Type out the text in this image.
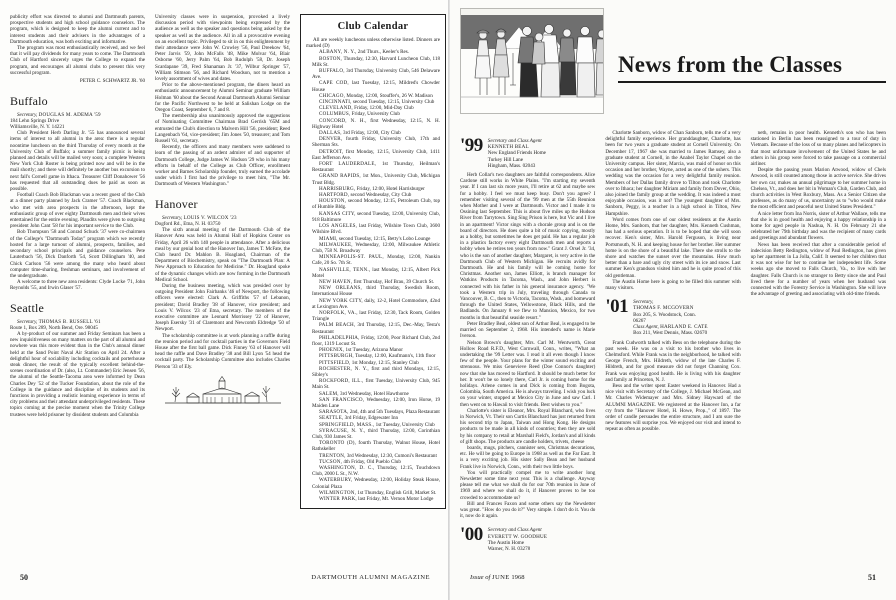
publicity effort was directed to alumni and Dartmouth parents, prospective students and high school guidance counselors. The program, which is designed to keep the alumni current and to interest students and their advisers in the advantages of a Dartmouth education, was both exciting and informative.

The program was most enthusiastically received, and we feel that it will pay dividends for many years to come. The Dartmouth Club of Hartford sincerely urges the College to expand the program, and encourages all alumni clubs to present this very successful program.

PETER C. SCHWARTZ JR. '60
Buffalo

Secretary, DOUGLAS M. ADEMA '59
184 Lehn Springs Drive
Williamsville, N. Y. 14221

Club President Herb Darling Jr. '55 has announced several items of interest to all alumni in the area: there is a regular noontime luncheon on the third Thursday of every month at the University Club of Buffalo; a summer family picnic is being planned and details will be mailed very soon; a complete Western New York Club Roster is being printed now and will be in the mail shortly; and there will definitely be another bus excursion to next fall's Cornell game in Ithaca. Treasurer Cliff Donahower '56 has requested that all outstanding dues be paid as soon as possible.

Football Coach Bob Blackman was a recent guest of the Club at a dinner party planned by Jack Cramer '57. Coach Blackman, who met with area prospects in the afternoon, kept the enthusiastic group of over eighty Dartmouth men and their wives entertained for the entire evening. Plaudits were given to outgoing president John Cant '58 for his important service to the Club.

Bob Thompson '58 and Conrad Schuck '37 were co-chairmen of the College's "Dartmouth Today" program which we recently hosted for a large turnout of alumni, prospects, families, and secondary school principals and guidance counselors. Pete Lauterbach '56, Dick Danforth '54, Scott Dillingham '40, and Chick Carlson '56 were among the many who heard about computer time-sharing, freshman seminars, and involvement of the undergraduate.

A welcome to three new area residents: Clyde Locke '71, John Reynolds '55, and Irwin Glaser '57.

Seattle

Secretary, THOMAS B. RUSSELL '61
Route 1, Box 289, North Bend, Ore. 98045

A by-product of our summer and Friday Seminars has been a new inquisitiveness on many matters on the part of all alumni and nowhere was this more evident than in the Club's annual dinner held at the Sand Point Naval Air Station on April 24. After a delightful hour of sociability including cocktails and porterhouse steak dinner, the result of the typically excellent behind-the-scenes coordination of Dr. (also, Lt. Commander) Eric Jensen '56, the alumni of the Seattle-Tacoma area were informed by Dean Charles Dey '52 of the Tucker Foundation, about the role of the College in the guidance and discipline of its students and its functions in providing a realistic learning experience in terms of city problems and their attendant underprivileged residents. These topics coming at the precise moment when the Trinity College trustees were held prisoner by dissident students and Columbia

University classes were in suspension, provoked a lively discussion period with viewpoints being expressed by the audience as well as the speaker and questions being asked by the speaker as well as the audience. All in all a provocative evening on an excellent topic. Privileged to sit in on this enlightenment by their attendance were John W. Crowley '56, Paul Dreekow '64, Peter Jarvis '59, John McFalls '48, Mike Molvar '64, Blair Osborne '60, Jerry Palm '64, Bob Rudolph '58, Dr. Joseph Scardapane '39, Fred Shanaman Jr. '37, Wilbur Springer '57, William Stimson '56, and Richard Woodson, not to mention a lovely assortment of wives and dates.

Prior to the above-mentioned program, the diners heard an enthusiastic announcement by Alumni Seminar graduate William Holman '60 about the Second Annual Dartmouth Alumni Seminar for the Pacific Northwest to be held at Salishan Lodge on the Oregon Coast, September 6, 7 and 8.

The membership also unanimously approved the suggestions of Nominating Committee Chairman Brad Gerrish '65M and entrusted the Club's direction to Malvern Hill '56, president; Reed Langenbach '64, vice-president; Jim Jones '50, treasurer; and Tom Russell '61, secretary.

Recently, the officers and many members were saddened to learn of the passing of an ardent admirer of and supporter of Dartmouth College, Judge James W. Hodson '29 who in his many efforts in behalf of the College as Club Officer, enrollment worker and Barnes Scholarship founder, truly earned the accolade under which I first had the privilege to meet him, "The Mr. Dartmouth of Western Washington."

Hanover

Secretary, LOUIS V. WILCOX '23
Dogford Rd., Etna, N. H. 03750

The sixth annual meeting of the Dartmouth Club of the Hanover Area was held in Alumni Hall of Hopkins Center on Friday, April 26 with 140 people in attendance. After a delicious meal by our genial host of the Hanover Inn, James T. McFate, the Club heard Dr. Mahlon B. Hoagland, Chairman of the Department of Biochemistry, speak on "The Dartmouth Plan: A New Approach to Education for Medicine." Dr. Hoagland spoke of the dynamic changes which are now forming in the Dartmouth Medical School.

During the business meeting, which was presided over by outgoing President John Fairbanks '46 of Newport, the following officers were elected: Clark A. Griffiths '57 of Lebanon, president; David Bradley '38 of Hanover, vice president; and Louis V. Wilcox '23 of Etna, secretary. The members of the executive committee are Leonard Morrissey '22 of Hanover, Joseph Esersky '31 of Claremont and Newcomb Eldredge '50 of Newport.

The scholarship committee is at work planning a raffle during the reunion period and for cocktail parties in the Governors Field House after the first ball game. Dick Finney '63 of Hanover will head the raffle and Dave Bradley '38 and Bill Lyon '54 head the cocktail party. The Scholarship Committee also includes Charles Pierson '33 of Ely.

Club Calendar

All are weekly luncheons unless otherwise listed. Dinners are marked (D)

ALBANY, N. Y., 2nd Thurs., Keeler's Res.

BOSTON, Thursday, 12:30, Harvard Luncheon Club, 118 Milk St.

BUFFALO, 3rd Thursday, University Club, 546 Delaware Ave.

CAPE COD, last Tuesday, 12:15, Mildred's Chowder House

CHICAGO, Monday, 12:00, Stouffer's, 26 W. Madison

CINCINNATI, second Tuesday, 12:15, University Club

CLEVELAND, Friday, 12:00, Mid-Day Club

COLUMBUS, Friday, University Club

CONCORD, N. H., first Wednesday, 12:15, N. H. Highway Hotel

DALLAS, 3rd Friday, 12:00, City Club

DENVER, fourth Friday, University Club, 17th and Sherman Sts.

DETROIT, first Monday, 12:15, University Club, 1411 East Jefferson Ave.

FORT LAUDERDALE, 1st Thursday, Heilman's Restaurant

GRAND RAPIDS, 1st Mon., University Club, Michigan Trust Bldg.

HARRISBURG, Friday, 12:00, Hotel Harrisburger

HARTFORD, second Wednesday, City Club

HOUSTON, second Monday, 12:15, Petroleum Club, top of Humble Bldg.

KANSAS CITY, second Tuesday, 12:00, University Club, 918 Baltimore

LOS ANGELES, last Friday, Wilshire Town Club, 3600 Wilshire Blvd.

MIAMI, second Tuesday, 12:15, Betty's Lobo Lounge

MILWAUKEE, Wednesday, 12:00, Milwaukee Athletic Club, 758 N. Broadway

MINNEAPOLIS-ST. PAUL, Monday, 12:00, Nankin Cafe, 20 So. 7th St.

NASHVILLE, TENN., last Monday, 12:15, Albert Pick Motel

NEW HAVEN, first Thursday, Hof Brau, 39 Church St.

NEW ORLEANS, third Thursday, Swedish Room, International House

NEW YORK CITY, daily, 12-2, Hotel Commodore, 42nd at Lexington Ave.

NORFOLK, VA., last Friday, 12:30, Tack Room, Golden Triangle

PALM BEACH, 3rd Thursday, 12:15, Dec.-May, Testa's Restaurant

PHILADELPHIA, Friday, 12:00, Poor Richard Club, 2nd floor, 1319 Locust St.

PHOENIX, 1st Tuesday, Arizona Manor

PITTSBURGH, Tuesday, 12:00, Kaufmann's, 11th floor

PITTSFIELD, 1st Monday, 12:15, Stanley Club

ROCHESTER, N. Y., first and third Mondays, 12:15, Sibley's

ROCKFORD, ILL., first Tuesday, University Club, 945 Main St.

SALEM, 3rd Wednesday, Hotel Hawthorne

SAN FRANCISCO, Wednesday, 12:00, Iron Horse, 19 Maiden Lane

SARASOTA, 2nd, 4th and 5th Tuesdays, Plaza Restaurant

SEATTLE, 3rd Friday, Edgewater Inn

SPRINGFIELD, MASS., 1st Tuesday, University Club

SYRACUSE, N. Y., third Thursday, 12:00, Corinthian Club, 930 James St.

TORONTO (D), fourth Thursday, Walnut House, Hotel Rathskeller

TRENTON, 3rd Wednesday, 12:30, Cumoni's Restaurant

TUCSON, 4th Friday, Old Pueblo Club

WASHINGTON, D. C., Thursday, 12:15, Touchdown Club, 2000 L St., N.W.

WATERBURY, Wednesday, 12:00, Holiday Steak House, Colonial Plaza

WILMINGTON, 1st Thursday, English Grill, Market St.

WINTER PARK, last Friday, Mt. Vernon Motor Lodge

50	DARTMOUTH ALUMNI MAGAZINE
News from the Classes
'99 Secretary and Class Agent
KENNETH BEAL
New England Friends Home
Turkey Hill Lane
Hingham, Mass. 02043

Herb Collar's two daughters are faithful correspondents. Alice Cardone still works in White Plains. "I'm starting my seventh year. If I can last six more years, I'll retire at 62 and maybe sew for a hobby. I feel we must keep busy. Don't you agree? I remember visiting several of the '99 men at the 55th Reunion when Mother and I were at Dartmouth. Victor and I made it to Ossining last September. This is about five miles up the Hudson River from Tarrytown. Sing Sing Prison is here, but Vic and I live in an apartment! Victor sings with a chorale group and is on the board of directors. He does quite a bit of music copying, mostly as a hobby, but sometimes he does get paid. He has a regular job in a plastics factory every eight Dartmouth men and reports a hobby when he retires ten years from now." Grant J. Orsel Jr. '34, who is the son of another daughter, Margaret, is very active in the Dartmouth Club of Western Michigan. He recruits avidly for Dartmouth. He and his family will be coming home for Christmas. Another son, James Elliott, is branch manager for Watkins Products in Tacoma, Wash., and John Herbert is connected with his father in his general insurance agency. "We took a Western trip in July, traveling through Canada to Vancouver, B. C., then to Victoria, Tacoma, Wash., and homeward through the United States, Yellowstone, Black Hills, and the Badlands. On January 8 we flew to Mansion, Mexico, for two months in that beautiful seaside resort."

Peter Bradley Beal, oldest son of Arthur Beal, is engaged to be married on September 2, 1968. His intended's name is Marie Iverson.

Nelson Brown's daughter, Mrs. Carl M. Wentworth, Great Hollow Road R.F.D., West Cornwall, Conn., writes, "What an undertaking the '99 Letter was. I read it all even though I know few of the people. Your plans for the winter sound exciting and strenuous. We miss Genevieve Reed (Doe Connor's daughter) now that she has moved to Hartford. It should be much better for her. It won't be so lonely there, Carl Jr. is coming home for the holidays. Arlene comes in and Dick is coming from Bogota, Colombia, South America. He is always traveling. I wish you luck on your winter, stopped at Mexico City in June and saw Carl. I then went on to Hawaii to visit friends. Best wishes to you."

Charlotte's sister is Eleanor, Mrs. Royal Blanchard, who lives in Norwich, Vt. Their son Curtis Blanchard has just returned from his second trip to Japan, Taiwan and Hong Kong. He designs products to be made in all kinds of countries; then they are sold by his company to retail at Marshall Field's, Jordan's and all kinds of gift shops. The products are candle holders, trivets, cheese

boards, mugs, pitchers, cannister sets, Christmas decorations, etc. He will be going to Europe in 1968 as well as the Far East. It is a very exciting job. His sister Sally Bean and her husband Frank live in Norwich, Conn., with their two little boys.

You will practically compel me to write another long Newsletter some time next year. This is a challenge. Anyway please tell me what we shall do for our 70th reunion in June of 1969 and where we shall do it, if Hanover proves to be too crowded to accommodate us?

Bill and Frances Faxon and some others say the Newsletter was great. "How do you do it?" Very simple. I don't do it. You do it, now do it again.

'00 Secretary and Class Agent
EVERETT W. GOODHUE
The Austin Home
Warner, N. H. 03278

Charlotte Sanborn, widow of Chan Sanborn, tells me of a very delightful family experience. Her granddaughter, Charlotte, has been for two years a graduate student at Cornell University. On December 17, 1967 she was married to James Ramsey, also a graduate student at Cornell, in the Anabel Taylor Chapel on the University campus. Her sister, Marcia, was maid of honor on this occasion and her brother, Wayne, acted as one of the ushers. This wedding was the occasion for a very delightful family reunion. Members of her Dallas family drove to Tilton and took Charlotte over to Ithaca; her daughter Miriam and family from Dover, Ohio, also joined the family group at the wedding. It was indeed a most enjoyable occasion, was it not? The youngest daughter of Mrs. Sanborn, Peggy, is a teacher in a high school in Tilton, New Hampshire.

Word comes from one of our oldest residents at the Austin Home, Mrs. Sanborn, that her daughter, Mrs. Kenneth Cushman, has had a serious operation. It is to be hoped that she will soon recover. Ken's sister, Mrs. Harold Ferguson, is living near Portsmouth, N. H. and keeping house for her brother. Her summer home is on the shore of a beautiful lake. There she strolls to the shore and watches the sunset over the mountains. How much better than a bare and ugly city street with its ice and snow. Last summer Ken's grandson visited him and he is quite proud of this old gentleman.

The Austin Home here is going to be filled this summer with many visitors.

'01 Secretary,
THOMAS F. MCGOVERN
Box 205, S. Woodstock, Conn.
06267
Class Agent, HARLAND E. CATE
Box 211, West Dennis, Mass. 02670

Frank Cudworth talked with Bess on the telephone during the past week. He was on a visit to his brother who lives in Chelmsford. While Frank was in the neighborhood, he talked with George French, Mrs. Hildreth, widow of the late Charles F. Hildreth, and for good measure did not forget Channing Cox. Frank was enjoying good health. He is living with his daughter and family at Princeton, N. J.

Bess and the writer spent Easter weekend in Hanover. Had a nice visit with Secretary of the College, J. Michael McGean, and Mr. Charles Widemayer and Mrs. Sidney Hayward of the ALUMNI MAGAZINE. We registered at the Hanover Inn, a far cry from the "Hanover Hotel, H. Howe, Prop.," of 1897. The order of candle persuades the entire structure, and I am sure the new features will surprise you. We enjoyed our visit and intend to repeat as often as possible.

neth, remains in poor health. Kenneth's son who has been stationed in Berlin has been reassigned to a tour of duty in Vietnam. Because of the loss of so many planes and helicopters in that most unfortunate involvement of the United States he and others in his group were forced to take passage on a commercial airliner.

Despite the passing years Marion Atwood, widow of Chels Atwood, is still counted among those in active service. She drives her own car, makes an annual pilgrimage to her summer home in Chelsea, Vt., and does her bit in Woman's Club, Garden Club, and church activities in West Roxbury, Mass. As a Senior Citizen she professes, as do many of us, uncertainty as to "who would make the most efficient and peaceful next United States President."

A nice letter from Ina Norris, sister of Arthur Wallace, tells me that she is in good health and enjoying a happy relationship in a home for aged people in Nashua, N. H. On February 21 she celebrated her 79th birthday and was the recipient of many cards and greetings and abundant flowers.

News has been received that after a considerable period of indecision Betty Redington, widow of Paul Redington, has given up her apartment in La Jolla, Calif. It seemed to her children that it was not wise for her to continue her independent life. Some weeks ago she moved to Falls Church, Va., to live with her daughter. Falls Church is no stranger to Betty since she and Paul lived there for a number of years when her husband was connected with the Forestry Service in Washington. She will love the advantage of greeting and associating with old-time friends.

Issue of JUNE 1968	51
